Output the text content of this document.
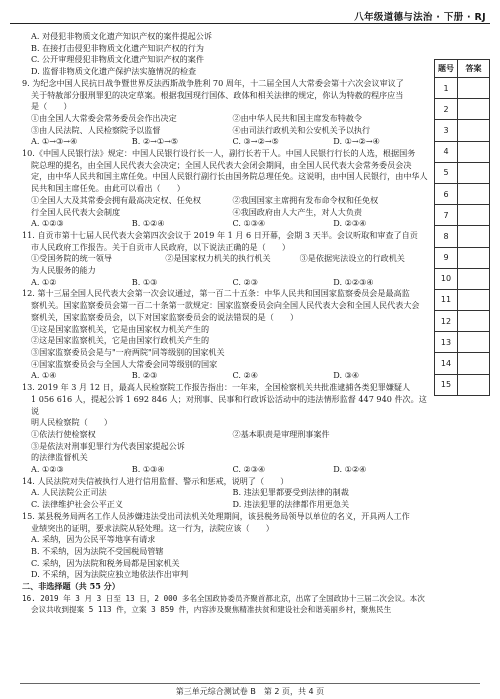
八年级道德与法治 · 下册 · RJ

A. 对侵犯非物质文化遗产知识产权的案件提起公诉

B. 在接打击侵犯非物质文化遗产知识产权的行为

C. 公开审理侵犯非物质文化遗产知识产权的案件

D. 监督非物质文化遗产保护法实施情况的检查

9. 为纪念中国人民抗日战争暨世界反法西斯战争胜利 70 周年，十二届全国人大常委会第十六次会议审议了

关于特赦部分服刑罪犯的决定草案。根据我国现行国体、政体和相关法律的规定，你认为特赦的程序应当

是（　　）

①由全国人大常委会常务委员会作出决定	②由中华人民共和国主席发布特赦令
③由人民法院、人民检察院予以监督	④由司法行政机关和公安机关予以执行
A. ①→③→④	B. ②→①→⑤	C. ③→②→⑤	D. ①→②→④

10.《中国人民银行法》规定：中国人民银行设行长一人，副行长若干人。中国人民银行行长的人选，根据国务

院总理的提名，由全国人民代表大会决定；全国人民代表大会闭会期间，由全国人民代表大会常务委员会决

定，由中华人民共和国主席任免。中国人民银行副行长由国务院总理任免。这说明，由中国人民银行，由中华人

民共和国主席任免。由此可以看出（　　）

①全国人大及其常委会拥有最高决定权、任免权	②我国国家主席拥有发布命令权和任免权
行全国人民代表大会制度	④我国政府由人大产生，对人大负责
A. ①②③	B. ①②④	C. ①③④	D. ②③④

11. 自贡市第十七届人民代表大会第四次会议于 2019 年 1 月 6 日开幕，会期 3 天半。会议听取和审查了自贡

市人民政府工作报告。关于自贡市人民政府，以下说法正确的是（　　）

①受国务院的统一领导	②是国家权力机关的执行机关	③是依据宪法设立的行政机关
为人民服务的能力
A. ①②	B. ①③	C. ②③	D. ①②③④

12. 第十三届全国人民代表大会第一次会议通过，第一百二十五条：中华人民共和国国家监察委员会是最高监

察机关。国家监察委员会第一百二十条第一款规定：国家监察委员会向全国人民代表大会和全国人民代表大会

察机关，国家监察委员会，以下对国家监察委员会的说法错误的是（　　）

①这是国家监察机关，它是由国家权力机关产生的

②这是国家监察机关，它是由国家行政机关产生的

③国家监察委员会是与"一府两院"同等级别的国家机关

④国家监察委员会与全国人大常委会同等级别的国家

A. ①④	B. ②③	C. ②④	D. ③④

13. 2019 年 3 月 12 日，最高人民检察院工作报告指出：一年来，全国检察机关共批准逮捕各类犯罪嫌疑人

1 056 616 人，提起公诉 1 692 846 人；对刑事、民事和行政诉讼活动中的违法情形监督 447 940 件次。这说

明人民检察院（　　）

①依法行使检察权	②基本职责是审理刑事案件

③是依法对刑事犯罪行为代表国家提起公诉

的法律监督机关

A. ①②③	B. ①③④	C. ②③④	D. ①②④

14. 人民法院对失信被执行人进行信用监督、警示和惩戒，说明了（　　）

A. 人民法院公正司法	B. 违法犯罪都要受到法律的制裁
C. 法律维护社会公平正义	D. 违法犯罪的法律都作用更急关

15. 某县税务局两名工作人员涉嫌违法受出司法机关处理期间，该县税务局领导以单位的名义，开具两人工作

业绩突出的证明，要求法院从轻处理。这一行为，法院应该（　　）

A. 采纳，因为公民平等地享有请求

B. 不采纳，因为法院不受国税局管辖

C. 采纳，因为法院和税务局都是国家机关

D. 不采纳，因为法院应独立地依法作出审判

二、非选择题（共 55 分）

16. 2019 年 3 月 3 日至 13 日，2 000 多名全国政协委员齐聚首都北京，出席了全国政协十三届二次会议。本次

会议共收到提案 5 113 件，立案 3 859 件，内容涉及聚焦精准扶贫和建设社会和谐美丽乡村，聚焦民生

题号	答案
1	
2	
3	
4	
5	
6	
7	
8	
9	
10	
11	
12	
13	
14	
15	
第三单元综合测试卷 B　第 2 页，共 4 页
